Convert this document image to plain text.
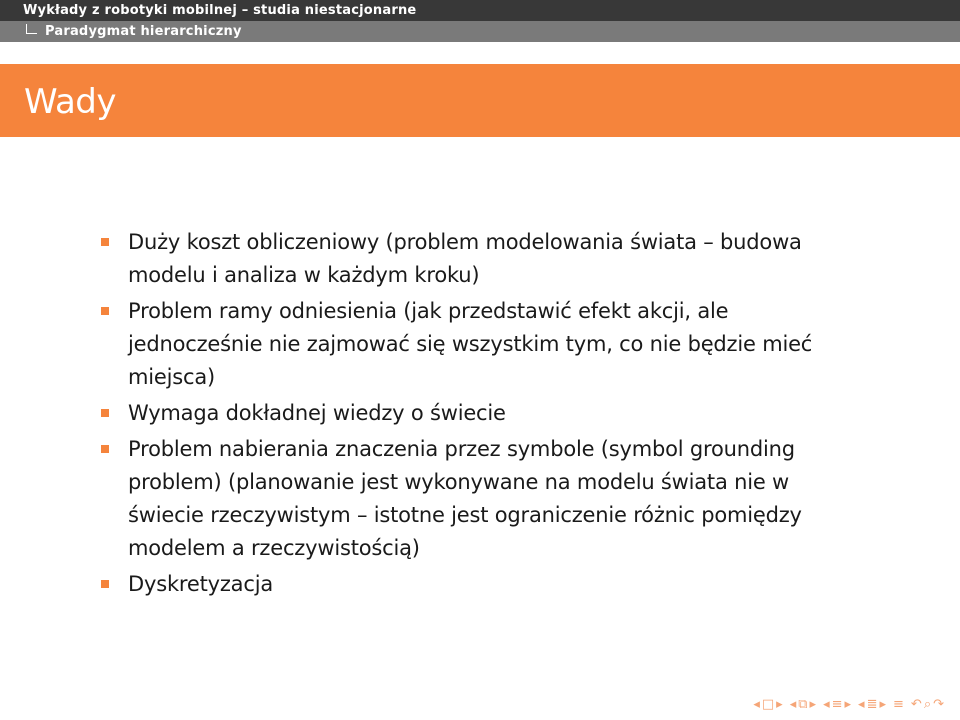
Wykłady z robotyki mobilnej – studia niestacjonarne
Paradygmat hierarchiczny
Wady
Duży koszt obliczeniowy (problem modelowania świata – budowa modelu i analiza w każdym kroku)
Problem ramy odniesienia (jak przedstawić efekt akcji, ale jednocześnie nie zajmować się wszystkim tym, co nie będzie mieć miejsca)
Wymaga dokładnej wiedzy o świecie
Problem nabierania znaczenia przez symbole (symbol grounding problem) (planowanie jest wykonywane na modelu świata nie w świecie rzeczywistym – istotne jest ograniczenie różnic pomiędzy modelem a rzeczywistością)
Dyskretyzacja
◂ □ ▸ ◂ ⧉ ▸ ◂ ≡ ▸ ◂ ≣ ▸ ≡ ↶ ⌕ ↷
